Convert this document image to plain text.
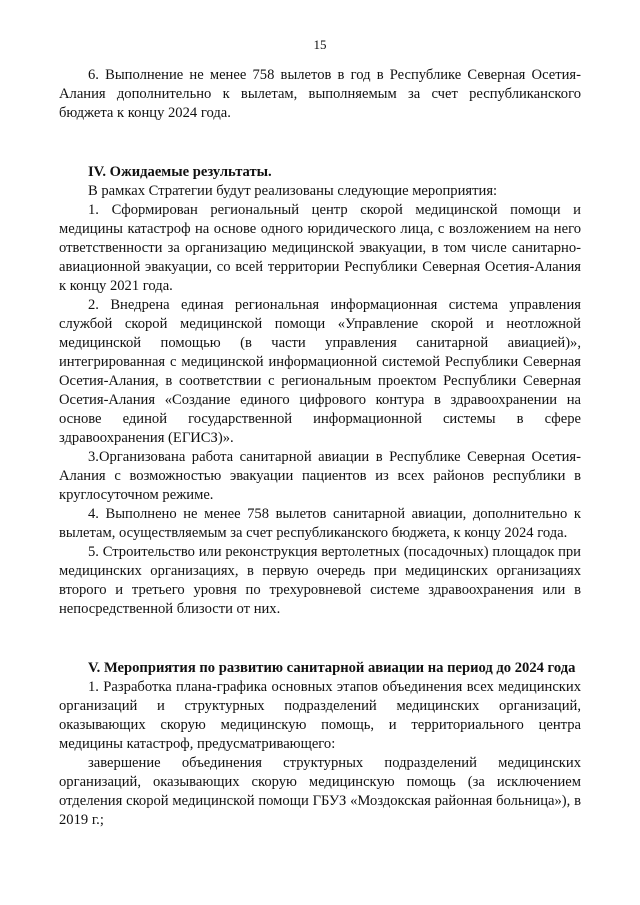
15

6. Выполнение не менее 758 вылетов в год в Республике Северная Осетия-Алания дополнительно к вылетам, выполняемым за счет республиканского бюджета к концу 2024 года.

IV. Ожидаемые результаты.

В рамках Стратегии будут реализованы следующие мероприятия:

1. Сформирован региональный центр скорой медицинской помощи и медицины катастроф на основе одного юридического лица, с возложением на него ответственности за организацию медицинской эвакуации, в том числе санитарно-авиационной эвакуации, со всей территории Республики Северная Осетия-Алания к концу 2021 года.

2. Внедрена единая региональная информационная система управления службой скорой медицинской помощи «Управление скорой и неотложной медицинской помощью (в части управления санитарной авиацией)», интегрированная с медицинской информационной системой Республики Северная Осетия-Алания, в соответствии с региональным проектом Республики Северная Осетия-Алания «Создание единого цифрового контура в здравоохранении на основе единой государственной информационной системы в сфере здравоохранения (ЕГИСЗ)».

3.Организована работа санитарной авиации в Республике Северная Осетия-Алания с возможностью эвакуации пациентов из всех районов республики в круглосуточном режиме.

4. Выполнено не менее 758 вылетов санитарной авиации, дополнительно к вылетам, осуществляемым за счет республиканского бюджета, к концу 2024 года.

5. Строительство или реконструкция вертолетных (посадочных) площадок при медицинских организациях, в первую очередь при медицинских организациях второго и третьего уровня по трехуровневой системе здравоохранения или в непосредственной близости от них.

V. Мероприятия по развитию санитарной авиации на период до 2024 года

1. Разработка плана-графика основных этапов объединения всех медицинских организаций и структурных подразделений медицинских организаций, оказывающих скорую медицинскую помощь, и территориального центра медицины катастроф, предусматривающего:

завершение объединения структурных подразделений медицинских организаций, оказывающих скорую медицинскую помощь (за исключением отделения скорой медицинской помощи ГБУЗ «Моздокская районная больница»), в 2019 г.;
